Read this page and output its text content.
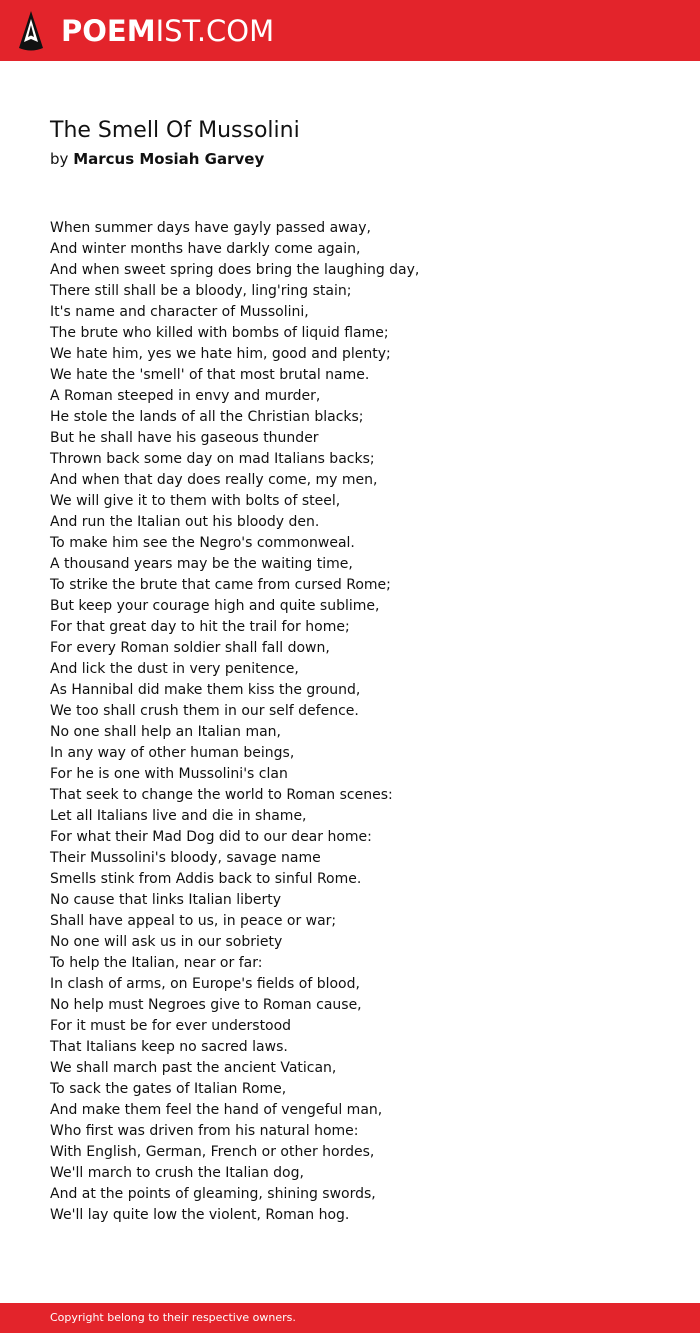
POEMIST.COM
The Smell Of Mussolini
by Marcus Mosiah Garvey
When summer days have gayly passed away,
And winter months have darkly come again,
And when sweet spring does bring the laughing day,
There still shall be a bloody, ling'ring stain;
It's name and character of Mussolini,
The brute who killed with bombs of liquid flame;
We hate him, yes we hate him, good and plenty;
We hate the 'smell' of that most brutal name.
A Roman steeped in envy and murder,
He stole the lands of all the Christian blacks;
But he shall have his gaseous thunder
Thrown back some day on mad Italians backs;
And when that day does really come, my men,
We will give it to them with bolts of steel,
And run the Italian out his bloody den.
To make him see the Negro's commonweal.
A thousand years may be the waiting time,
To strike the brute that came from cursed Rome;
But keep your courage high and quite sublime,
For that great day to hit the trail for home;
For every Roman soldier shall fall down,
And lick the dust in very penitence,
As Hannibal did make them kiss the ground,
We too shall crush them in our self defence.
No one shall help an Italian man,
In any way of other human beings,
For he is one with Mussolini's clan
That seek to change the world to Roman scenes:
Let all Italians live and die in shame,
For what their Mad Dog did to our dear home:
Their Mussolini's bloody, savage name
Smells stink from Addis back to sinful Rome.
No cause that links Italian liberty
Shall have appeal to us, in peace or war;
No one will ask us in our sobriety
To help the Italian, near or far:
In clash of arms, on Europe's fields of blood,
No help must Negroes give to Roman cause,
For it must be for ever understood
That Italians keep no sacred laws.
We shall march past the ancient Vatican,
To sack the gates of Italian Rome,
And make them feel the hand of vengeful man,
Who first was driven from his natural home:
With English, German, French or other hordes,
We'll march to crush the Italian dog,
And at the points of gleaming, shining swords,
We'll lay quite low the violent, Roman hog.
Copyright belong to their respective owners.
